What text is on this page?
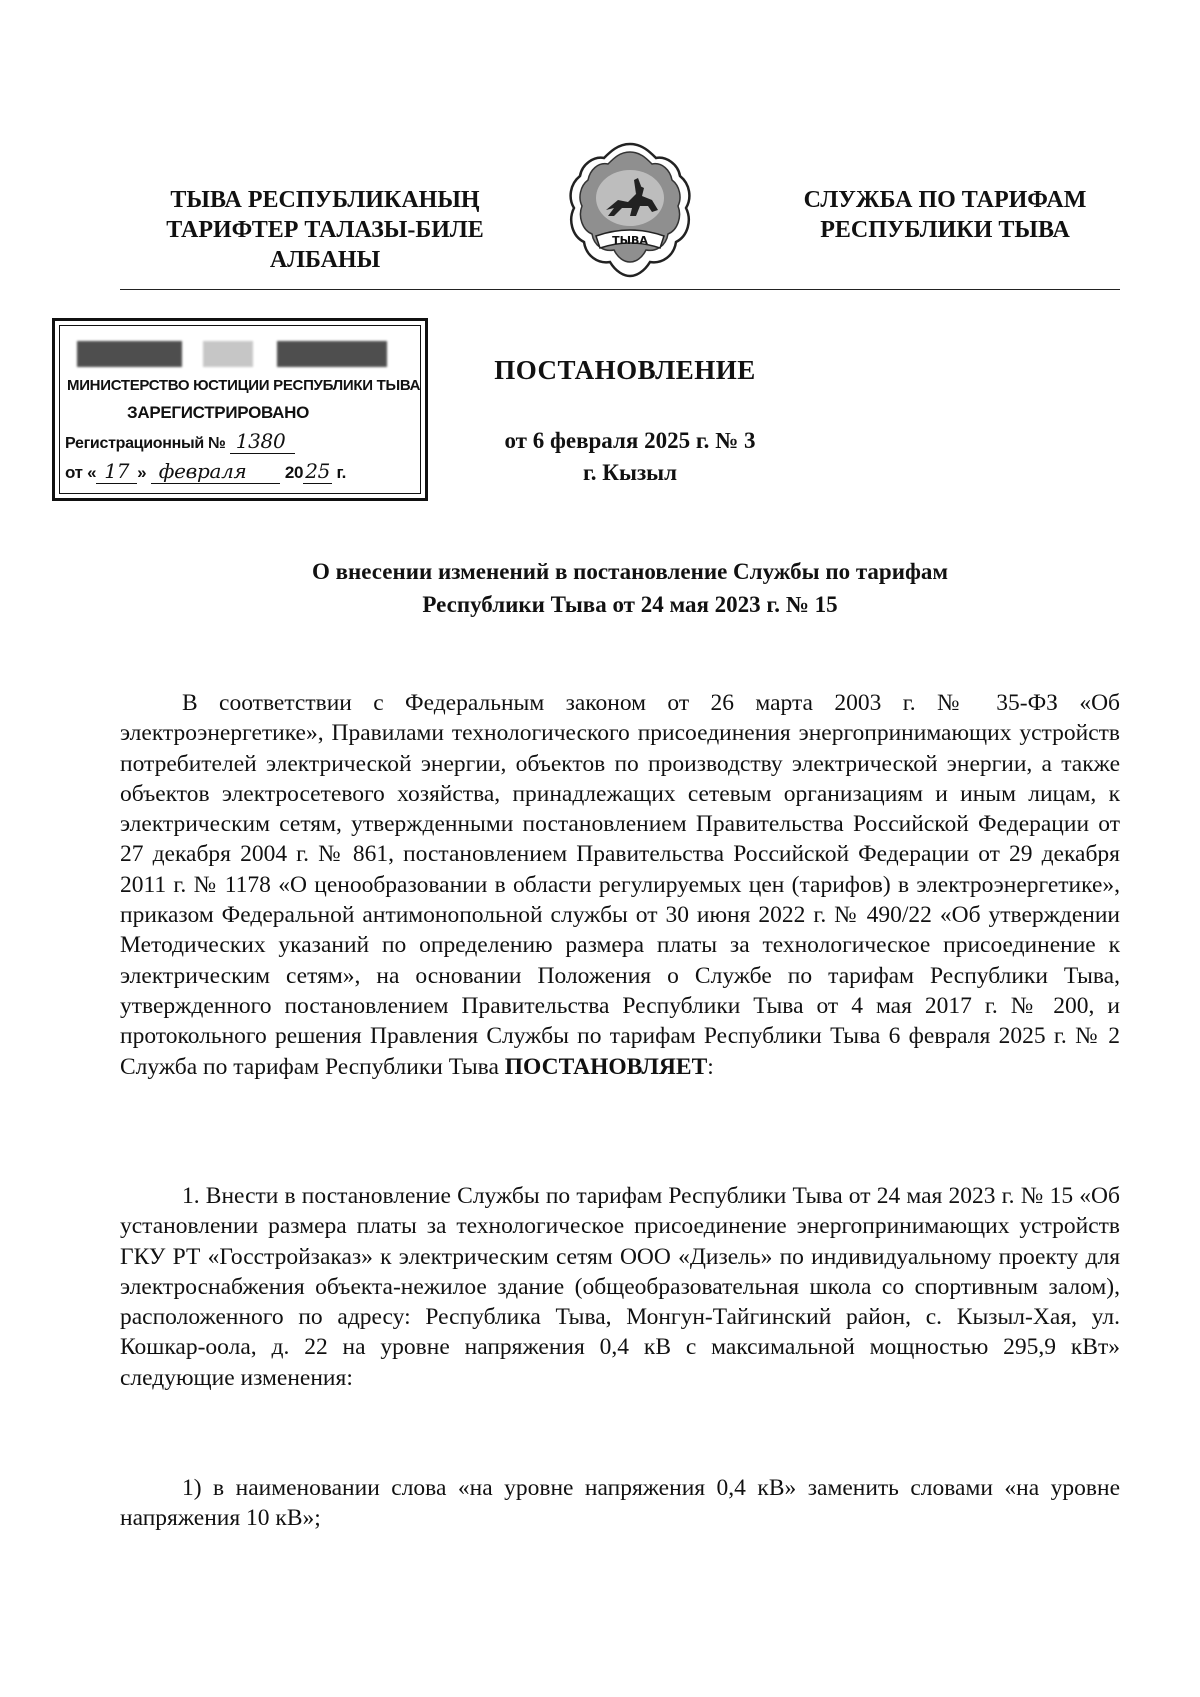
ТЫВА РЕСПУБЛИКАНЫҢ
ТАРИФТЕР ТАЛАЗЫ-БИЛЕ
АЛБАНЫ
ТЫВА
СЛУЖБА ПО ТАРИФАМ
РЕСПУБЛИКИ ТЫВА
МИНИСТЕРСТВО ЮСТИЦИИ РЕСПУБЛИКИ ТЫВА
ЗАРЕГИСТРИРОВАНО
Регистрационный № 1380
от « 17 » февраля 20 25 г.
ПОСТАНОВЛЕНИЕ
от 6 февраля 2025 г. № 3
г. Кызыл
О внесении изменений в постановление Службы по тарифам
Республики Тыва от 24 мая 2023 г. № 15

В соответствии с Федеральным законом от 26 марта 2003 г. № 35-ФЗ «Об электроэнергетике», Правилами технологического присоединения энергопринимающих устройств потребителей электрической энергии, объектов по производству электрической энергии, а также объектов электросетевого хозяйства, принадлежащих сетевым организациям и иным лицам, к электрическим сетям, утвержденными постановлением Правительства Российской Федерации от 27 декабря 2004 г. № 861, постановлением Правительства Российской Федерации от 29 декабря 2011 г. № 1178 «О ценообразовании в области регулируемых цен (тарифов) в электроэнергетике», приказом Федеральной антимонопольной службы от 30 июня 2022 г. № 490/22 «Об утверждении Методических указаний по определению размера платы за технологическое присоединение к электрическим сетям», на основании Положения о Службе по тарифам Республики Тыва, утвержденного постановлением Правительства Республики Тыва от 4 мая 2017 г. № 200, и протокольного решения Правления Службы по тарифам Республики Тыва 6 февраля 2025 г. № 2 Служба по тарифам Республики Тыва ПОСТАНОВЛЯЕТ:

1. Внести в постановление Службы по тарифам Республики Тыва от 24 мая 2023 г. № 15 «Об установлении размера платы за технологическое присоединение энергопринимающих устройств ГКУ РТ «Госстройзаказ» к электрическим сетям ООО «Дизель» по индивидуальному проекту для электроснабжения объекта-нежилое здание (общеобразовательная школа со спортивным залом), расположенного по адресу: Республика Тыва, Монгун-Тайгинский район, с. Кызыл-Хая, ул. Кошкар-оола, д. 22 на уровне напряжения 0,4 кВ с максимальной мощностью 295,9 кВт» следующие изменения:

1) в наименовании слова «на уровне напряжения 0,4 кВ» заменить словами «на уровне напряжения 10 кВ»;
